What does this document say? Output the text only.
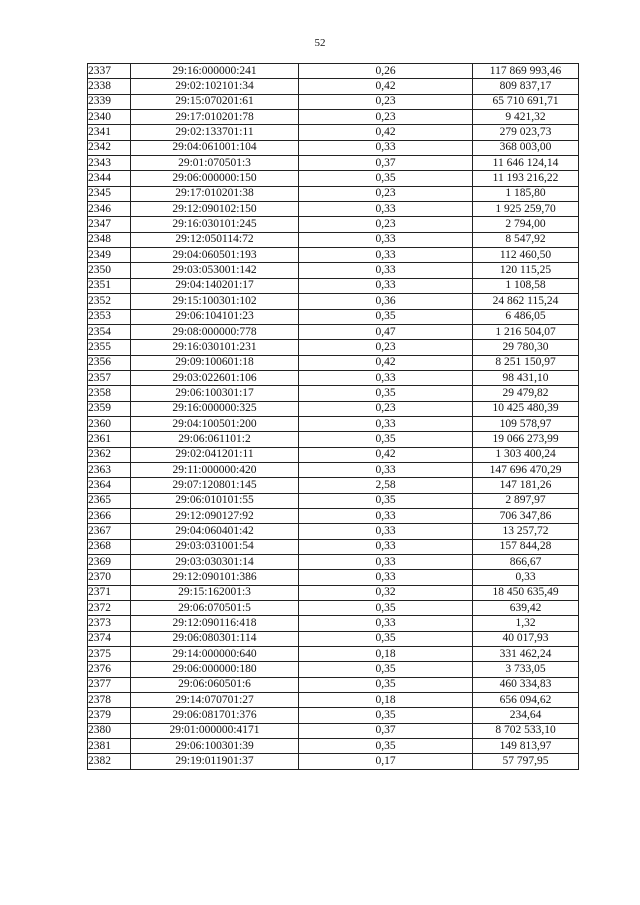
52
2337	29:16:000000:241	0,26	117 869 993,46
2338	29:02:102101:34	0,42	809 837,17
2339	29:15:070201:61	0,23	65 710 691,71
2340	29:17:010201:78	0,23	9 421,32
2341	29:02:133701:11	0,42	279 023,73
2342	29:04:061001:104	0,33	368 003,00
2343	29:01:070501:3	0,37	11 646 124,14
2344	29:06:000000:150	0,35	11 193 216,22
2345	29:17:010201:38	0,23	1 185,80
2346	29:12:090102:150	0,33	1 925 259,70
2347	29:16:030101:245	0,23	2 794,00
2348	29:12:050114:72	0,33	8 547,92
2349	29:04:060501:193	0,33	112 460,50
2350	29:03:053001:142	0,33	120 115,25
2351	29:04:140201:17	0,33	1 108,58
2352	29:15:100301:102	0,36	24 862 115,24
2353	29:06:104101:23	0,35	6 486,05
2354	29:08:000000:778	0,47	1 216 504,07
2355	29:16:030101:231	0,23	29 780,30
2356	29:09:100601:18	0,42	8 251 150,97
2357	29:03:022601:106	0,33	98 431,10
2358	29:06:100301:17	0,35	29 479,82
2359	29:16:000000:325	0,23	10 425 480,39
2360	29:04:100501:200	0,33	109 578,97
2361	29:06:061101:2	0,35	19 066 273,99
2362	29:02:041201:11	0,42	1 303 400,24
2363	29:11:000000:420	0,33	147 696 470,29
2364	29:07:120801:145	2,58	147 181,26
2365	29:06:010101:55	0,35	2 897,97
2366	29:12:090127:92	0,33	706 347,86
2367	29:04:060401:42	0,33	13 257,72
2368	29:03:031001:54	0,33	157 844,28
2369	29:03:030301:14	0,33	866,67
2370	29:12:090101:386	0,33	0,33
2371	29:15:162001:3	0,32	18 450 635,49
2372	29:06:070501:5	0,35	639,42
2373	29:12:090116:418	0,33	1,32
2374	29:06:080301:114	0,35	40 017,93
2375	29:14:000000:640	0,18	331 462,24
2376	29:06:000000:180	0,35	3 733,05
2377	29:06:060501:6	0,35	460 334,83
2378	29:14:070701:27	0,18	656 094,62
2379	29:06:081701:376	0,35	234,64
2380	29:01:000000:4171	0,37	8 702 533,10
2381	29:06:100301:39	0,35	149 813,97
2382	29:19:011901:37	0,17	57 797,95
